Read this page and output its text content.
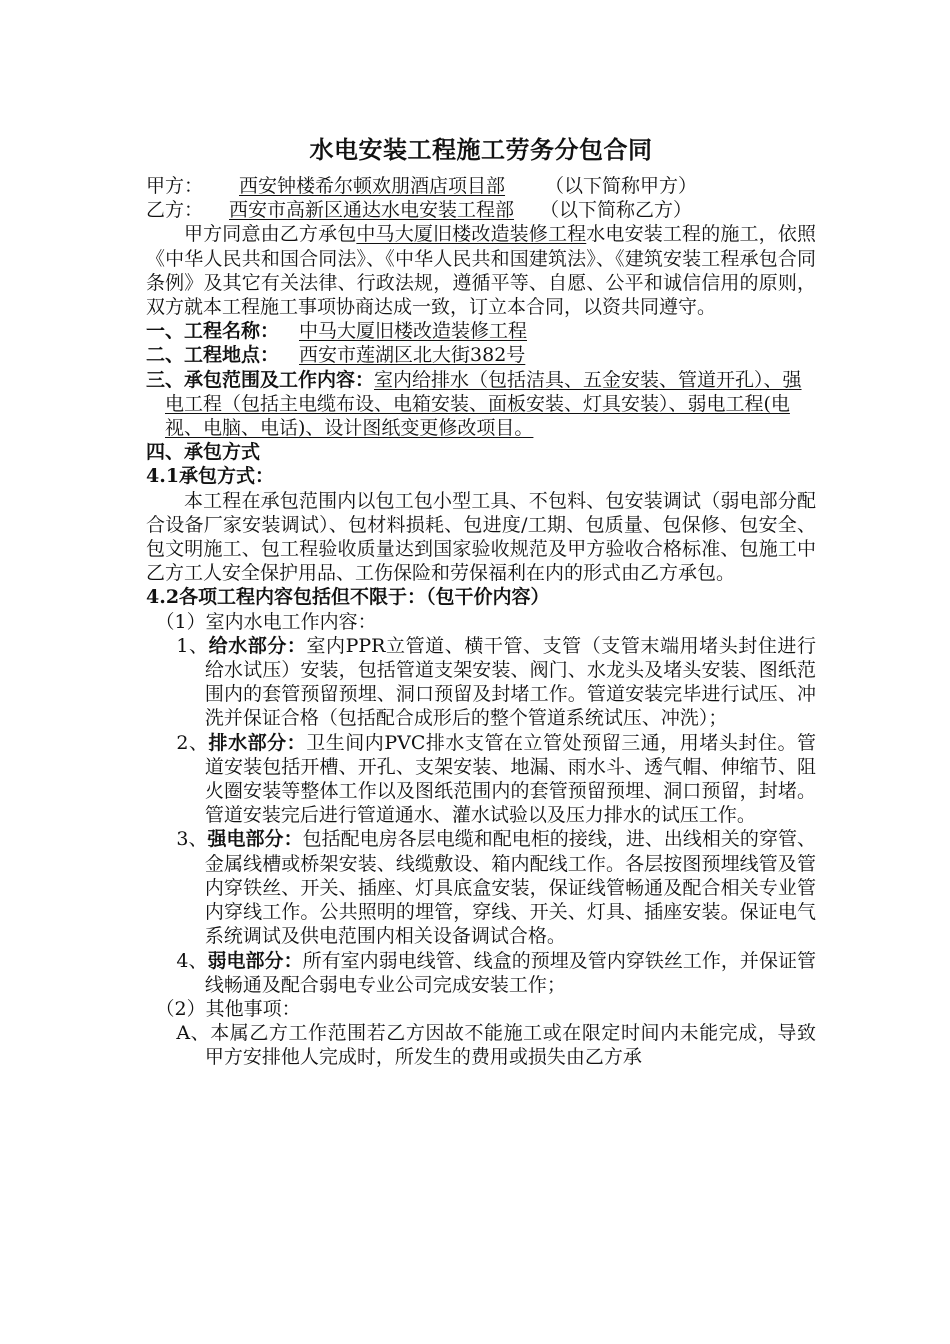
水电安装工程施工劳务分包合同
甲方： 西安钟楼希尔顿欢朋酒店项目部 （以下简称甲方）
乙方： 西安市高新区通达水电安装工程部 （以下简称乙方）
甲方同意由乙方承包中马大厦旧楼改造装修工程水电安装工程的施工，依照《中华人民共和国合同法》、《中华人民共和国建筑法》、《建筑安装工程承包合同条例》及其它有关法律、行政法规，遵循平等、自愿、公平和诚信信用的原则，双方就本工程施工事项协商达成一致，订立本合同，以资共同遵守。
一、工程名称： 中马大厦旧楼改造装修工程
二、工程地点： 西安市莲湖区北大街382号
三、承包范围及工作内容：室内给排水（包括洁具、五金安装、管道开孔）、强电工程（包括主电缆布设、电箱安装、面板安装、灯具安装）、弱电工程(电视、电脑、电话)、设计图纸变更修改项目。
四、承包方式
4.1承包方式：
本工程在承包范围内以包工包小型工具、不包料、包安装调试（弱电部分配合设备厂家安装调试）、包材料损耗、包进度/工期、包质量、包保修、包安全、包文明施工、包工程验收质量达到国家验收规范及甲方验收合格标准、包施工中乙方工人安全保护用品、工伤保险和劳保福利在内的形式由乙方承包。
4.2各项工程内容包括但不限于：（包干价内容）
（1）室内水电工作内容：
1、给水部分：室内PPR立管道、横干管、支管（支管末端用堵头封住进行给水试压）安装，包括管道支架安装、阀门、水龙头及堵头安装、图纸范围内的套管预留预埋、洞口预留及封堵工作。管道安装完毕进行试压、冲洗并保证合格（包括配合成形后的整个管道系统试压、冲洗）；
2、排水部分：卫生间内PVC排水支管在立管处预留三通，用堵头封住。管道安装包括开槽、开孔、支架安装、地漏、雨水斗、透气帽、伸缩节、阻火圈安装等整体工作以及图纸范围内的套管预留预埋、洞口预留，封堵。管道安装完后进行管道通水、灌水试验以及压力排水的试压工作。
3、强电部分：包括配电房各层电缆和配电柜的接线，进、出线相关的穿管、金属线槽或桥架安装、线缆敷设、箱内配线工作。各层按图预埋线管及管内穿铁丝、开关、插座、灯具底盒安装，保证线管畅通及配合相关专业管内穿线工作。公共照明的埋管，穿线、开关、灯具、插座安装。保证电气系统调试及供电范围内相关设备调试合格。
4、弱电部分：所有室内弱电线管、线盒的预埋及管内穿铁丝工作，并保证管线畅通及配合弱电专业公司完成安装工作；
（2）其他事项：
A、本属乙方工作范围若乙方因故不能施工或在限定时间内未能完成，导致甲方安排他人完成时，所发生的费用或损失由乙方承
